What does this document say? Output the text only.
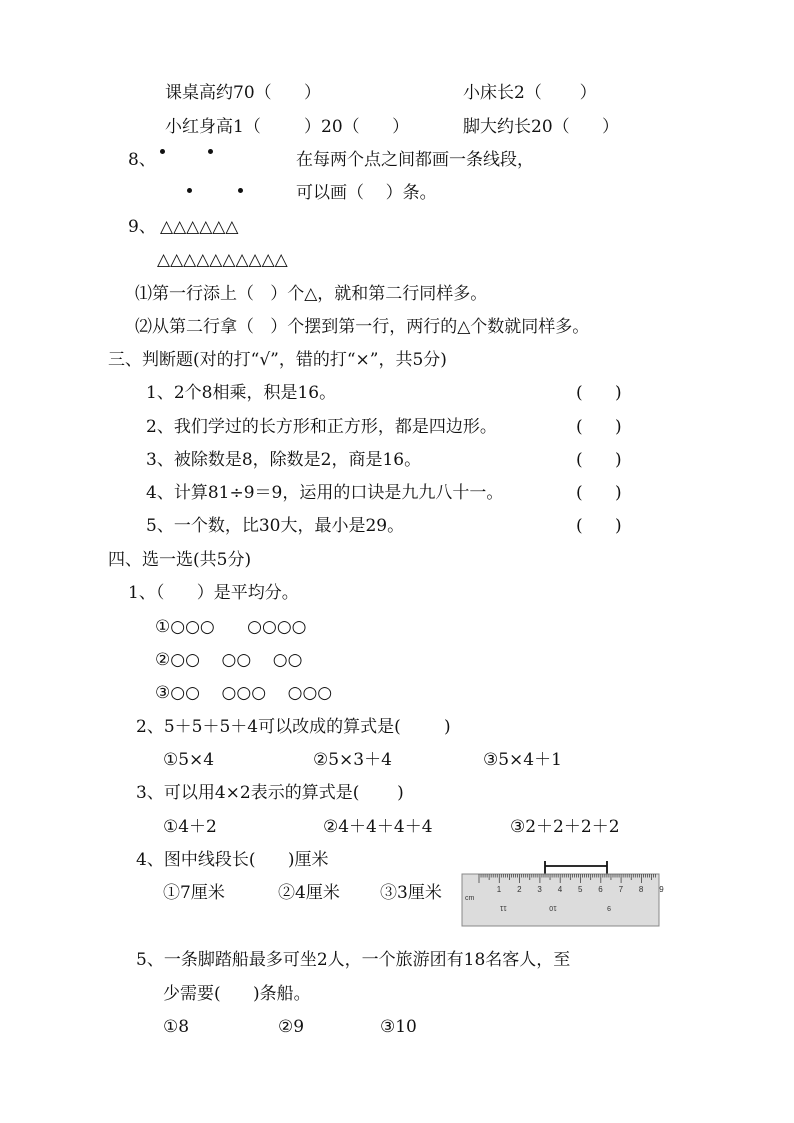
课桌高约70（      ）	小床长2（       ）
小红身高1（        ）20（      ）	脚大约长20（      ）
8、	在每两个点之间都画一条线段，
可以画（    ）条。
9、 △△△△△△
△△△△△△△△△△
⑴第一行添上（   ）个△，就和第二行同样多。
⑵从第二行拿（   ）个摆到第一行，两行的△个数就同样多。
三、判断题(对的打“√”，错的打“×”，共5分)
1、2个8相乘，积是16。	(      )
2、我们学过的长方形和正方形，都是四边形。	(      )
3、被除数是8，除数是2，商是16。	(      )
4、计算81÷9＝9，运用的口诀是九九八十一。	(      )
5、一个数，比30大，最小是29。	(      )
四、选一选(共5分)
1、（      ）是平均分。
①○○○      ○○○○
②○○    ○○    ○○
③○○    ○○○    ○○○
2、5＋5＋5＋4可以改成的算式是(        )
①5×4	②5×3＋4	③5×4＋1
3、可以用4×2表示的算式是(       )
①4＋2	②4＋4＋4＋4	③2＋2＋2＋2
4、图中线段长(      )厘米
①7厘米	②4厘米 ③3厘米	cm
1 2 3 4 5 6 7 8 9
11	10	9
5、一条脚踏船最多可坐2人，一个旅游团有18名客人，至
少需要(      )条船。
①8	②9	③10
